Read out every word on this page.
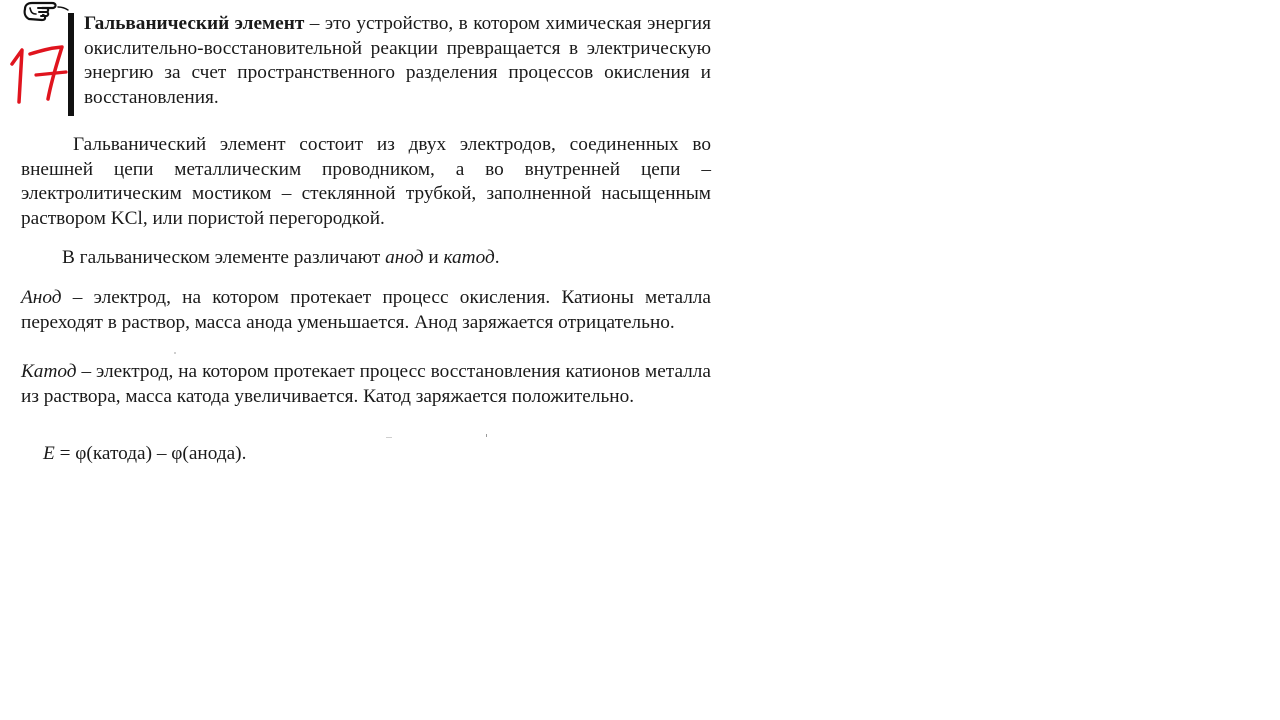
Гальванический элемент – это устройство, в котором химическая энергия окислительно-восстановительной реакции превращается в электрическую энергию за счет пространственного разделения процессов окисления и восстановления.

Гальванический элемент состоит из двух электродов, соединенных во внешней цепи металлическим проводником, а во внутренней цепи – электролитическим мостиком – стеклянной трубкой, заполненной насыщенным раствором KCl, или пористой перегородкой.

В гальваническом элементе различают анод и катод.

Анод – электрод, на котором протекает процесс окисления. Катионы металла переходят в раствор, масса анода уменьшается. Анод заряжается отрицательно.

Катод – электрод, на котором протекает процесс восстановления катионов металла из раствора, масса катода увеличивается. Катод заряжается положительно.

E = φ(катода) – φ(анода).
